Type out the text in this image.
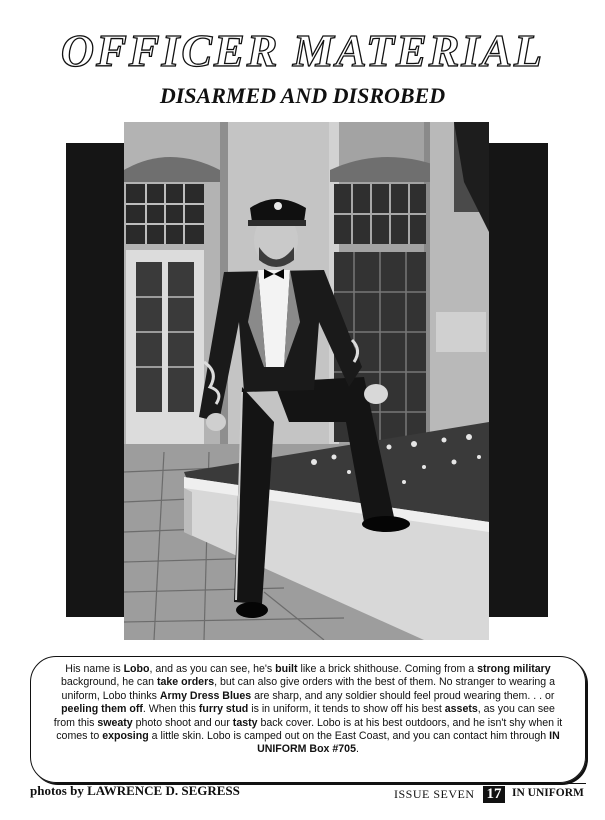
OFFICER MATERIAL
DISARMED AND DISROBED

His name is Lobo, and as you can see, he's built like a brick shithouse. Coming from a strong military background, he can take orders, but can also give orders with the best of them. No stranger to wearing a uniform, Lobo thinks Army Dress Blues are sharp, and any soldier should feel proud wearing them. . . or peeling them off. When this furry stud is in uniform, it tends to show off his best assets, as you can see from this sweaty photo shoot and our tasty back cover. Lobo is at his best outdoors, and he isn't shy when it comes to exposing a little skin. Lobo is camped out on the East Coast, and you can contact him through IN UNIFORM Box #705.

photos by LAWRENCE D. SEGRESS	ISSUE SEVEN 17 IN UNIFORM
